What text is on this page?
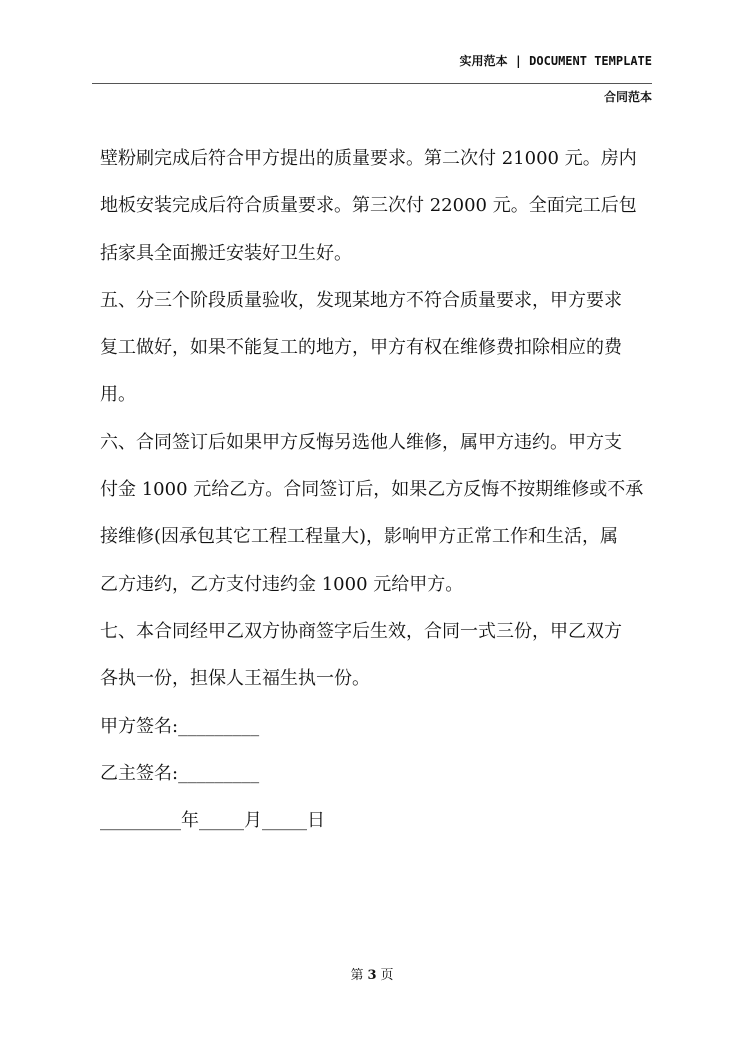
实用范本 | DOCUMENT TEMPLATE
合同范本
壁粉刷完成后符合甲方提出的质量要求。第二次付 21000 元。房内
地板安装完成后符合质量要求。第三次付 22000 元。全面完工后包
括家具全面搬迁安装好卫生好。
五、分三个阶段质量验收，发现某地方不符合质量要求，甲方要求
复工做好，如果不能复工的地方，甲方有权在维修费扣除相应的费
用。
六、合同签订后如果甲方反悔另选他人维修，属甲方违约。甲方支
付金 1000 元给乙方。合同签订后，如果乙方反悔不按期维修或不承
接维修(因承包其它工程工程量大)，影响甲方正常工作和生活，属
乙方违约，乙方支付违约金 1000 元给甲方。
七、本合同经甲乙双方协商签字后生效，合同一式三份，甲乙双方
各执一份，担保人王福生执一份。
甲方签名:_________
乙主签名:_________
_________年_____月_____日
第 3 页
